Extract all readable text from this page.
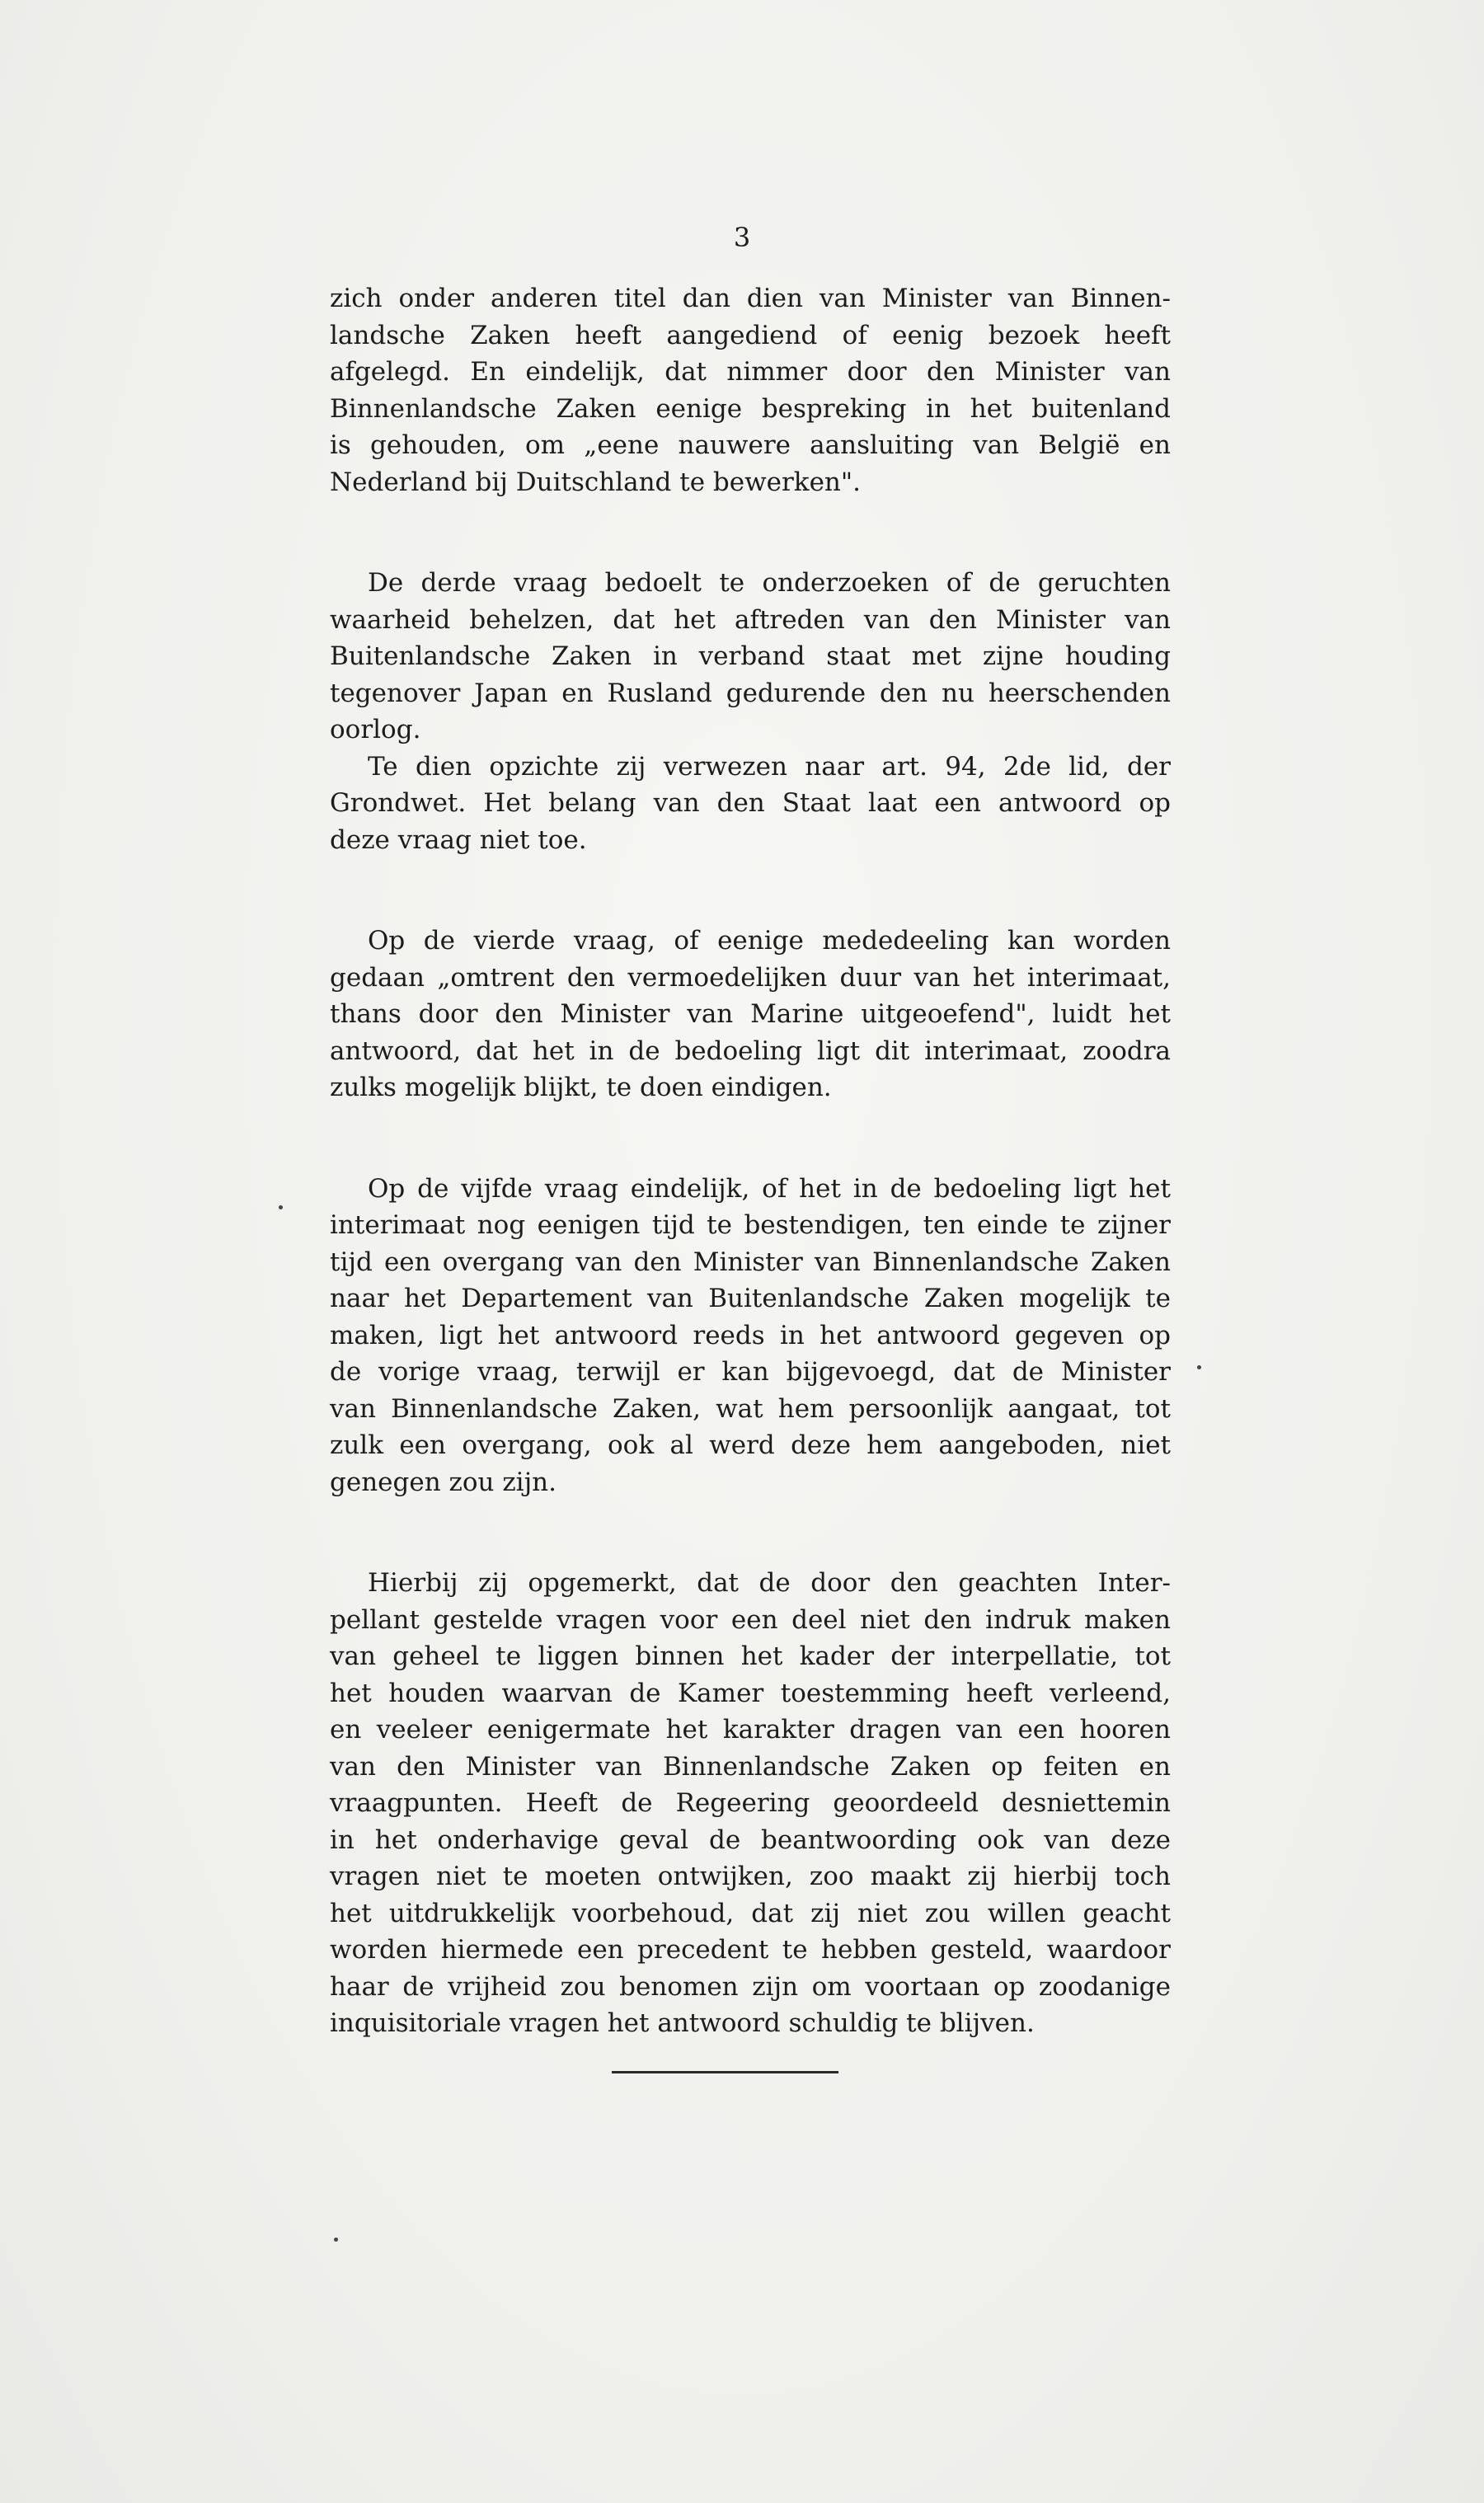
3

zich onder anderen titel dan dien van Minister van Binnen-
landsche Zaken heeft aangediend of eenig bezoek heeft
afgelegd. En eindelijk, dat nimmer door den Minister van
Binnenlandsche Zaken eenige bespreking in het buitenland
is gehouden, om „eene nauwere aansluiting van België en
Nederland bij Duitschland te bewerken".

De derde vraag bedoelt te onderzoeken of de geruchten
waarheid behelzen, dat het aftreden van den Minister van
Buitenlandsche Zaken in verband staat met zijne houding
tegenover Japan en Rusland gedurende den nu heerschenden
oorlog.

Te dien opzichte zij verwezen naar art. 94, 2de lid, der
Grondwet. Het belang van den Staat laat een antwoord op
deze vraag niet toe.

Op de vierde vraag, of eenige mededeeling kan worden
gedaan „omtrent den vermoedelijken duur van het interimaat,
thans door den Minister van Marine uitgeoefend", luidt het
antwoord, dat het in de bedoeling ligt dit interimaat, zoodra
zulks mogelijk blijkt, te doen eindigen.

Op de vijfde vraag eindelijk, of het in de bedoeling ligt het
interimaat nog eenigen tijd te bestendigen, ten einde te zijner
tijd een overgang van den Minister van Binnenlandsche Zaken
naar het Departement van Buitenlandsche Zaken mogelijk te
maken, ligt het antwoord reeds in het antwoord gegeven op
de vorige vraag, terwijl er kan bijgevoegd, dat de Minister
van Binnenlandsche Zaken, wat hem persoonlijk aangaat, tot
zulk een overgang, ook al werd deze hem aangeboden, niet
genegen zou zijn.

Hierbij zij opgemerkt, dat de door den geachten Inter-
pellant gestelde vragen voor een deel niet den indruk maken
van geheel te liggen binnen het kader der interpellatie, tot
het houden waarvan de Kamer toestemming heeft verleend,
en veeleer eenigermate het karakter dragen van een hooren
van den Minister van Binnenlandsche Zaken op feiten en
vraagpunten. Heeft de Regeering geoordeeld desniettemin
in het onderhavige geval de beantwoording ook van deze
vragen niet te moeten ontwijken, zoo maakt zij hierbij toch
het uitdrukkelijk voorbehoud, dat zij niet zou willen geacht
worden hiermede een precedent te hebben gesteld, waardoor
haar de vrijheid zou benomen zijn om voortaan op zoodanige
inquisitoriale vragen het antwoord schuldig te blijven.
